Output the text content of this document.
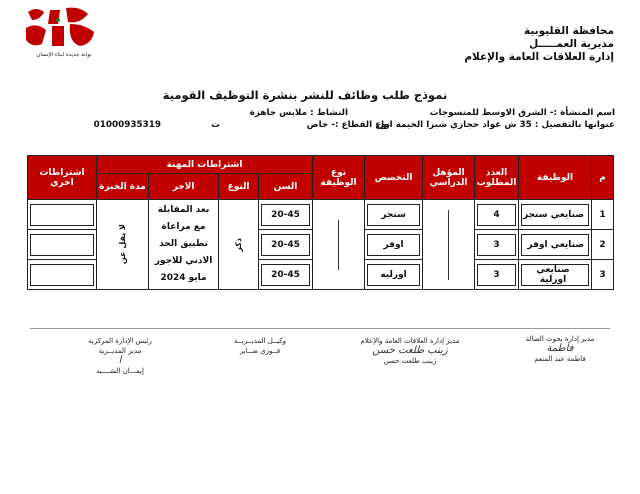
بوابة جديدة لبناء الإنسان
محافظة القليوبية
مديرية العمـــــل
إدارة العلاقات العامة والإعلام
نموذج طلب وظائف للنشر بنشرة التوظيف القومية
اسم المنشأة :- الشرق الاوسط للمنسوجات
النشاط : ملابس جاهزة
عنوانها بالتفصيل : 35 ش عواد حجازي شبرا الخيمة اول
نوع القطاع :- خاص
ت  01000935319
م	الوظيفة	العدد المطلوب	المؤهل الدراسي	التخصص	نوع الوظيفة	اشتراطات المهنة				اشتراطات اخري
						السن	النوع	الاجر	مدة الخبرة	
1	صنايعي سنجر	4		سنجر		20-45	ذكر	بعد المقابلة مع مراعاة تطبيق الحد الادني للاجور مايو 2024	لا يقل عن	

2	صنايعي اوفر	3		اوفر		20-45				

3	صنايعي اورلية	3		اورليه		20-45				

مدير إدارة بحوث الضالة
فاطمة
فاطمة عبد المنعم
مدير إدارة العلاقات العامة والإعلام
زينب طلعت حسن
زينب طلعت حسن
وكيــل المديــريــة
فــوزي صــابر
رئيس الإدارة المركزية
مدير المديــرية
ا
إيمـــان الشــــيد
